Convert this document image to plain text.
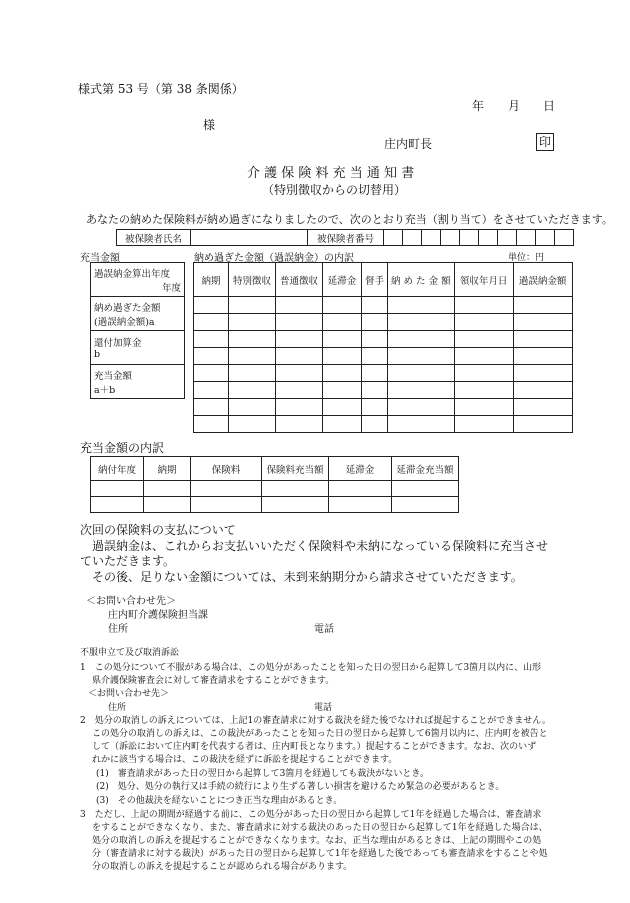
様式第 53 号（第 38 条関係）
年 月 日
様
庄内町長	印
介 護 保 険 料 充 当 通 知 書
（特別徴収からの切替用）
あなたの納めた保険料が納め過ぎになりましたので、次のとおり充当（割り当て）をさせていただきます。
被保険者氏名		被保険者番号										
充当金額	納め過ぎた金額（過誤納金）の内訳	単位：円
過誤納金算出年度
年度

納め過ぎた金額
(過誤納金額)a

還付加算金
b

充当金額
a＋b
納期	特別徴収	普通徴収	延滞金	督手	納 め た 金 額	領収年月日	過誤納金額

充当金額の内訳
納付年度	納期	保険料	保険料充当額	延滞金	延滞金充当額

次回の保険料の支払について
過誤納金は、これからお支払いいただく保険料や未納になっている保険料に充当させ
ていただきます。
その後、足りない金額については、未到来納期分から請求させていただきます。
＜お問い合わせ先＞
庄内町介護保険担当課
住所	電話
不服申立て及び取消訴訟
1　この処分について不服がある場合は、この処分があったことを知った日の翌日から起算して3箇月以内に、山形
県介護保険審査会に対して審査請求をすることができます。
＜お問い合わせ先＞
住所	電話
2　処分の取消しの訴えについては、上記1の審査請求に対する裁決を経た後でなければ提起することができません。
この処分の取消しの訴えは、この裁決があったことを知った日の翌日から起算して6箇月以内に、庄内町を被告と
して（訴訟において庄内町を代表する者は、庄内町長となります。）提起することができます。なお、次のいず
れかに該当する場合は、この裁決を経ずに訴訟を提起することができます。
(1)　審査請求があった日の翌日から起算して3箇月を経過しても裁決がないとき。
(2)　処分、処分の執行又は手続の続行により生ずる著しい損害を避けるため緊急の必要があるとき。
(3)　その他裁決を経ないことにつき正当な理由があるとき。
3　ただし、上記の期間が経過する前に、この処分があった日の翌日から起算して1年を経過した場合は、審査請求
をすることができなくなり、また、審査請求に対する裁決のあった日の翌日から起算して1年を経過した場合は、
処分の取消しの訴えを提起することができなくなります。なお、正当な理由があるときは、上記の期間やこの処
分（審査請求に対する裁決）があった日の翌日から起算して1年を経過した後であっても審査請求をすることや処
分の取消しの訴えを提起することが認められる場合があります。
